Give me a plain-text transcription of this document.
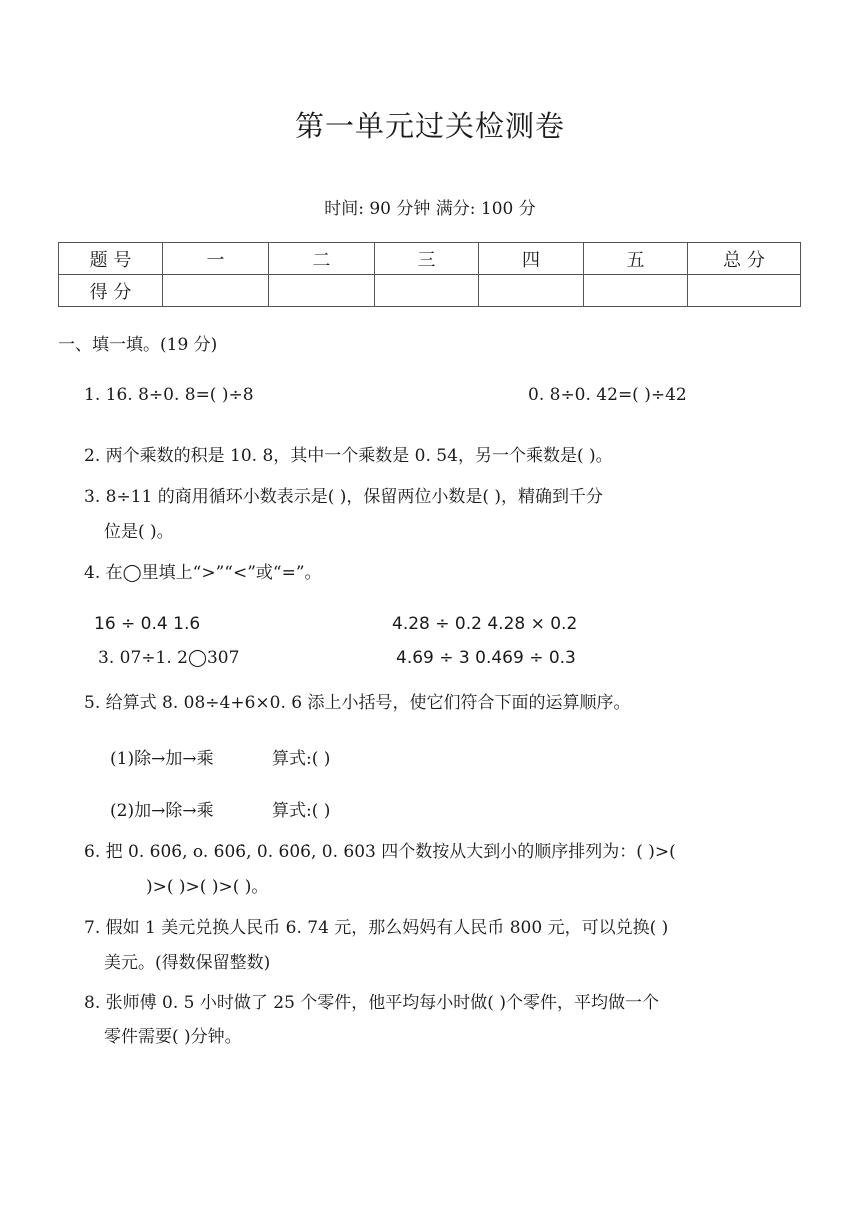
第一单元过关检测卷
时间: 90 分钟 满分: 100 分
题 号	一	二	三	四	五	总 分
得 分						
一、填一填。(19 分)
1. 16. 8÷0. 8=( )÷8	0. 8÷0. 42=( )÷42
2. 两个乘数的积是 10. 8，其中一个乘数是 0. 54，另一个乘数是( )。
3. 8÷11 的商用循环小数表示是( )，保留两位小数是( )，精确到千分
位是( )。
4. 在◯里填上“>”“<”或“=”。
16 ÷ 0.4 1.6	4.28 ÷ 0.2 4.28 × 0.2
3. 07÷1. 2◯307	4.69 ÷ 3 0.469 ÷ 0.3
5. 给算式 8. 08÷4+6×0. 6 添上小括号，使它们符合下面的运算顺序。
(1)除→加→乘	算式:( )
(2)加→除→乘	算式:( )
6. 把 0. 60̇6̇, o. 6̇06̇, 0. 60̇6̇, 0. 603 四个数按从大到小的顺序排列为：( )>(
)>( )>( )>( )。
7. 假如 1 美元兑换人民币 6. 74 元，那么妈妈有人民币 800 元，可以兑换( )
美元。(得数保留整数)
8. 张师傅 0. 5 小时做了 25 个零件，他平均每小时做( )个零件，平均做一个
零件需要( )分钟。
